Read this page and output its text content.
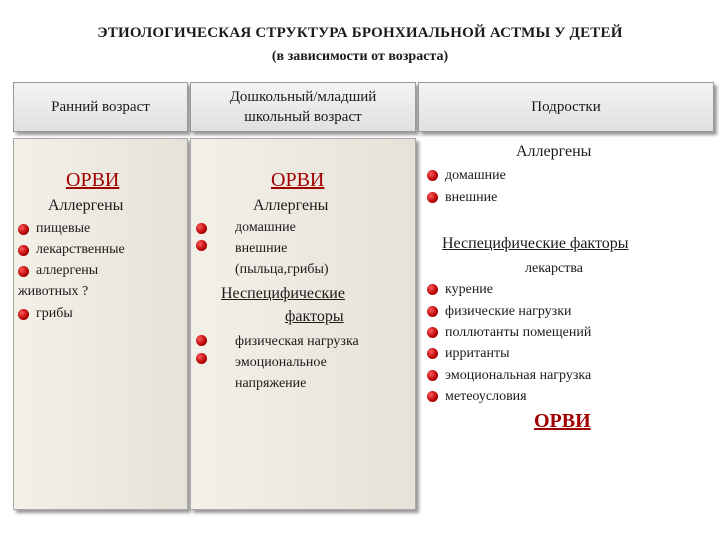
ЭТИОЛОГИЧЕСКАЯ СТРУКТУРА БРОНХИАЛЬНОЙ АСТМЫ У ДЕТЕЙ
(в зависимости от возраста)
Ранний возраст
Дошкольный/младший
школьный возраст
Подростки
ОРВИ
Аллергены
пищевые
лекарственные
аллергены
животных ?
грибы
ОРВИ
Аллергены
домашние
внешние
(пыльца,грибы)
Неспецифические
факторы
физическая нагрузка
эмоциональное
напряжение
Аллергены
домашние
внешние
Неспецифические факторы
лекарства
курение
физические нагрузки
поллютанты помещений
ирританты
эмоциональная нагрузка
метеоусловия
ОРВИ
